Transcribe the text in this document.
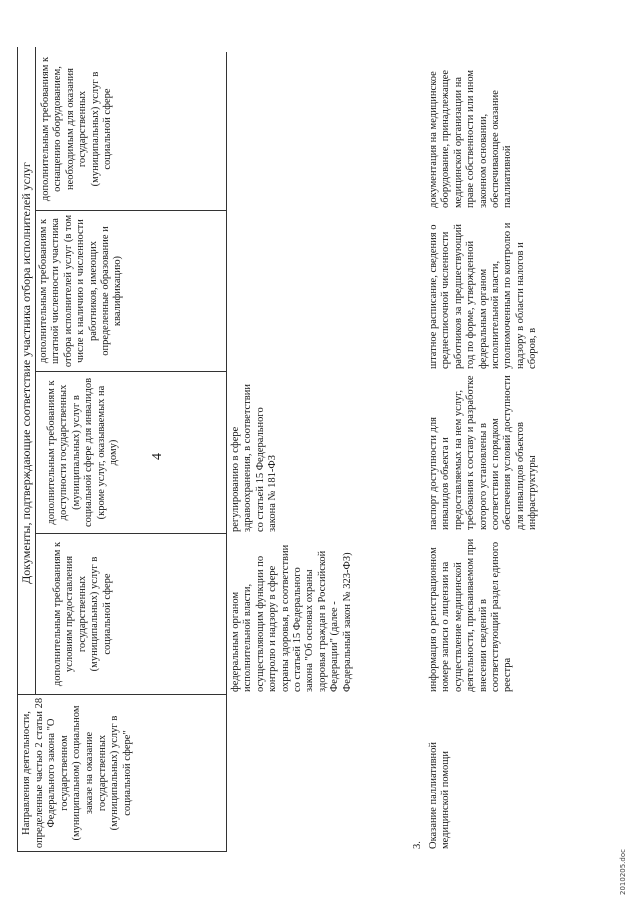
4
2010205.doc
Документы, подтверждающие соответствие участника отбора исполнителей услуг
Направления деятельности, определенные частью 2 статьи 28 Федерального закона "О государственном (муниципальном) социальном заказе на оказание государственных (муниципальных) услуг в социальной сфере"
дополнительным требованиям к условиям предоставления государственных (муниципальных) услуг в социальной сфере
дополнительным требованиям к доступности государственных (муниципальных) услуг в социальной сфере для инвалидов (кроме услуг, оказываемых на дому)
дополнительным требованиям к штатной численности участника отбора исполнителей услуг (в том числе к наличию и численности работников, имеющих определенные образование и квалификацию)
дополнительным требованиям к оснащению оборудованием, необходимым для оказания государственных (муниципальных) услуг в социальной сфере
федеральным органом исполнительной власти, осуществляющим функции по контролю и надзору в сфере охраны здоровья, в соответствии со статьей 15 Федерального закона "Об основах охраны здоровья граждан в Российской Федерации" (далее - Федеральный закон № 323-ФЗ)
регулированию в сфере здравоохранения, в соответствии со статьей 15 Федерального закона № 181-ФЗ
3. Оказание паллиативной медицинской помощи
информация о регистрационном номере записи о лицензии на осуществление медицинской деятельности, присваиваемом при внесении сведений в соответствующий раздел единого реестра
паспорт доступности для инвалидов объекта и предоставляемых на нем услуг, требования к составу и разработке которого установлены в соответствии с порядком обеспечения условий доступности для инвалидов объектов инфраструктуры
штатное расписание, сведения о среднесписочной численности работников за предшествующий год по форме, утвержденной федеральным органом исполнительной власти, уполномоченным по контролю и надзору в области налогов и сборов, в
документация на медицинское оборудование, принадлежащее медицинской организации на праве собственности или ином законном основании, обеспечивающее оказание паллиативной
